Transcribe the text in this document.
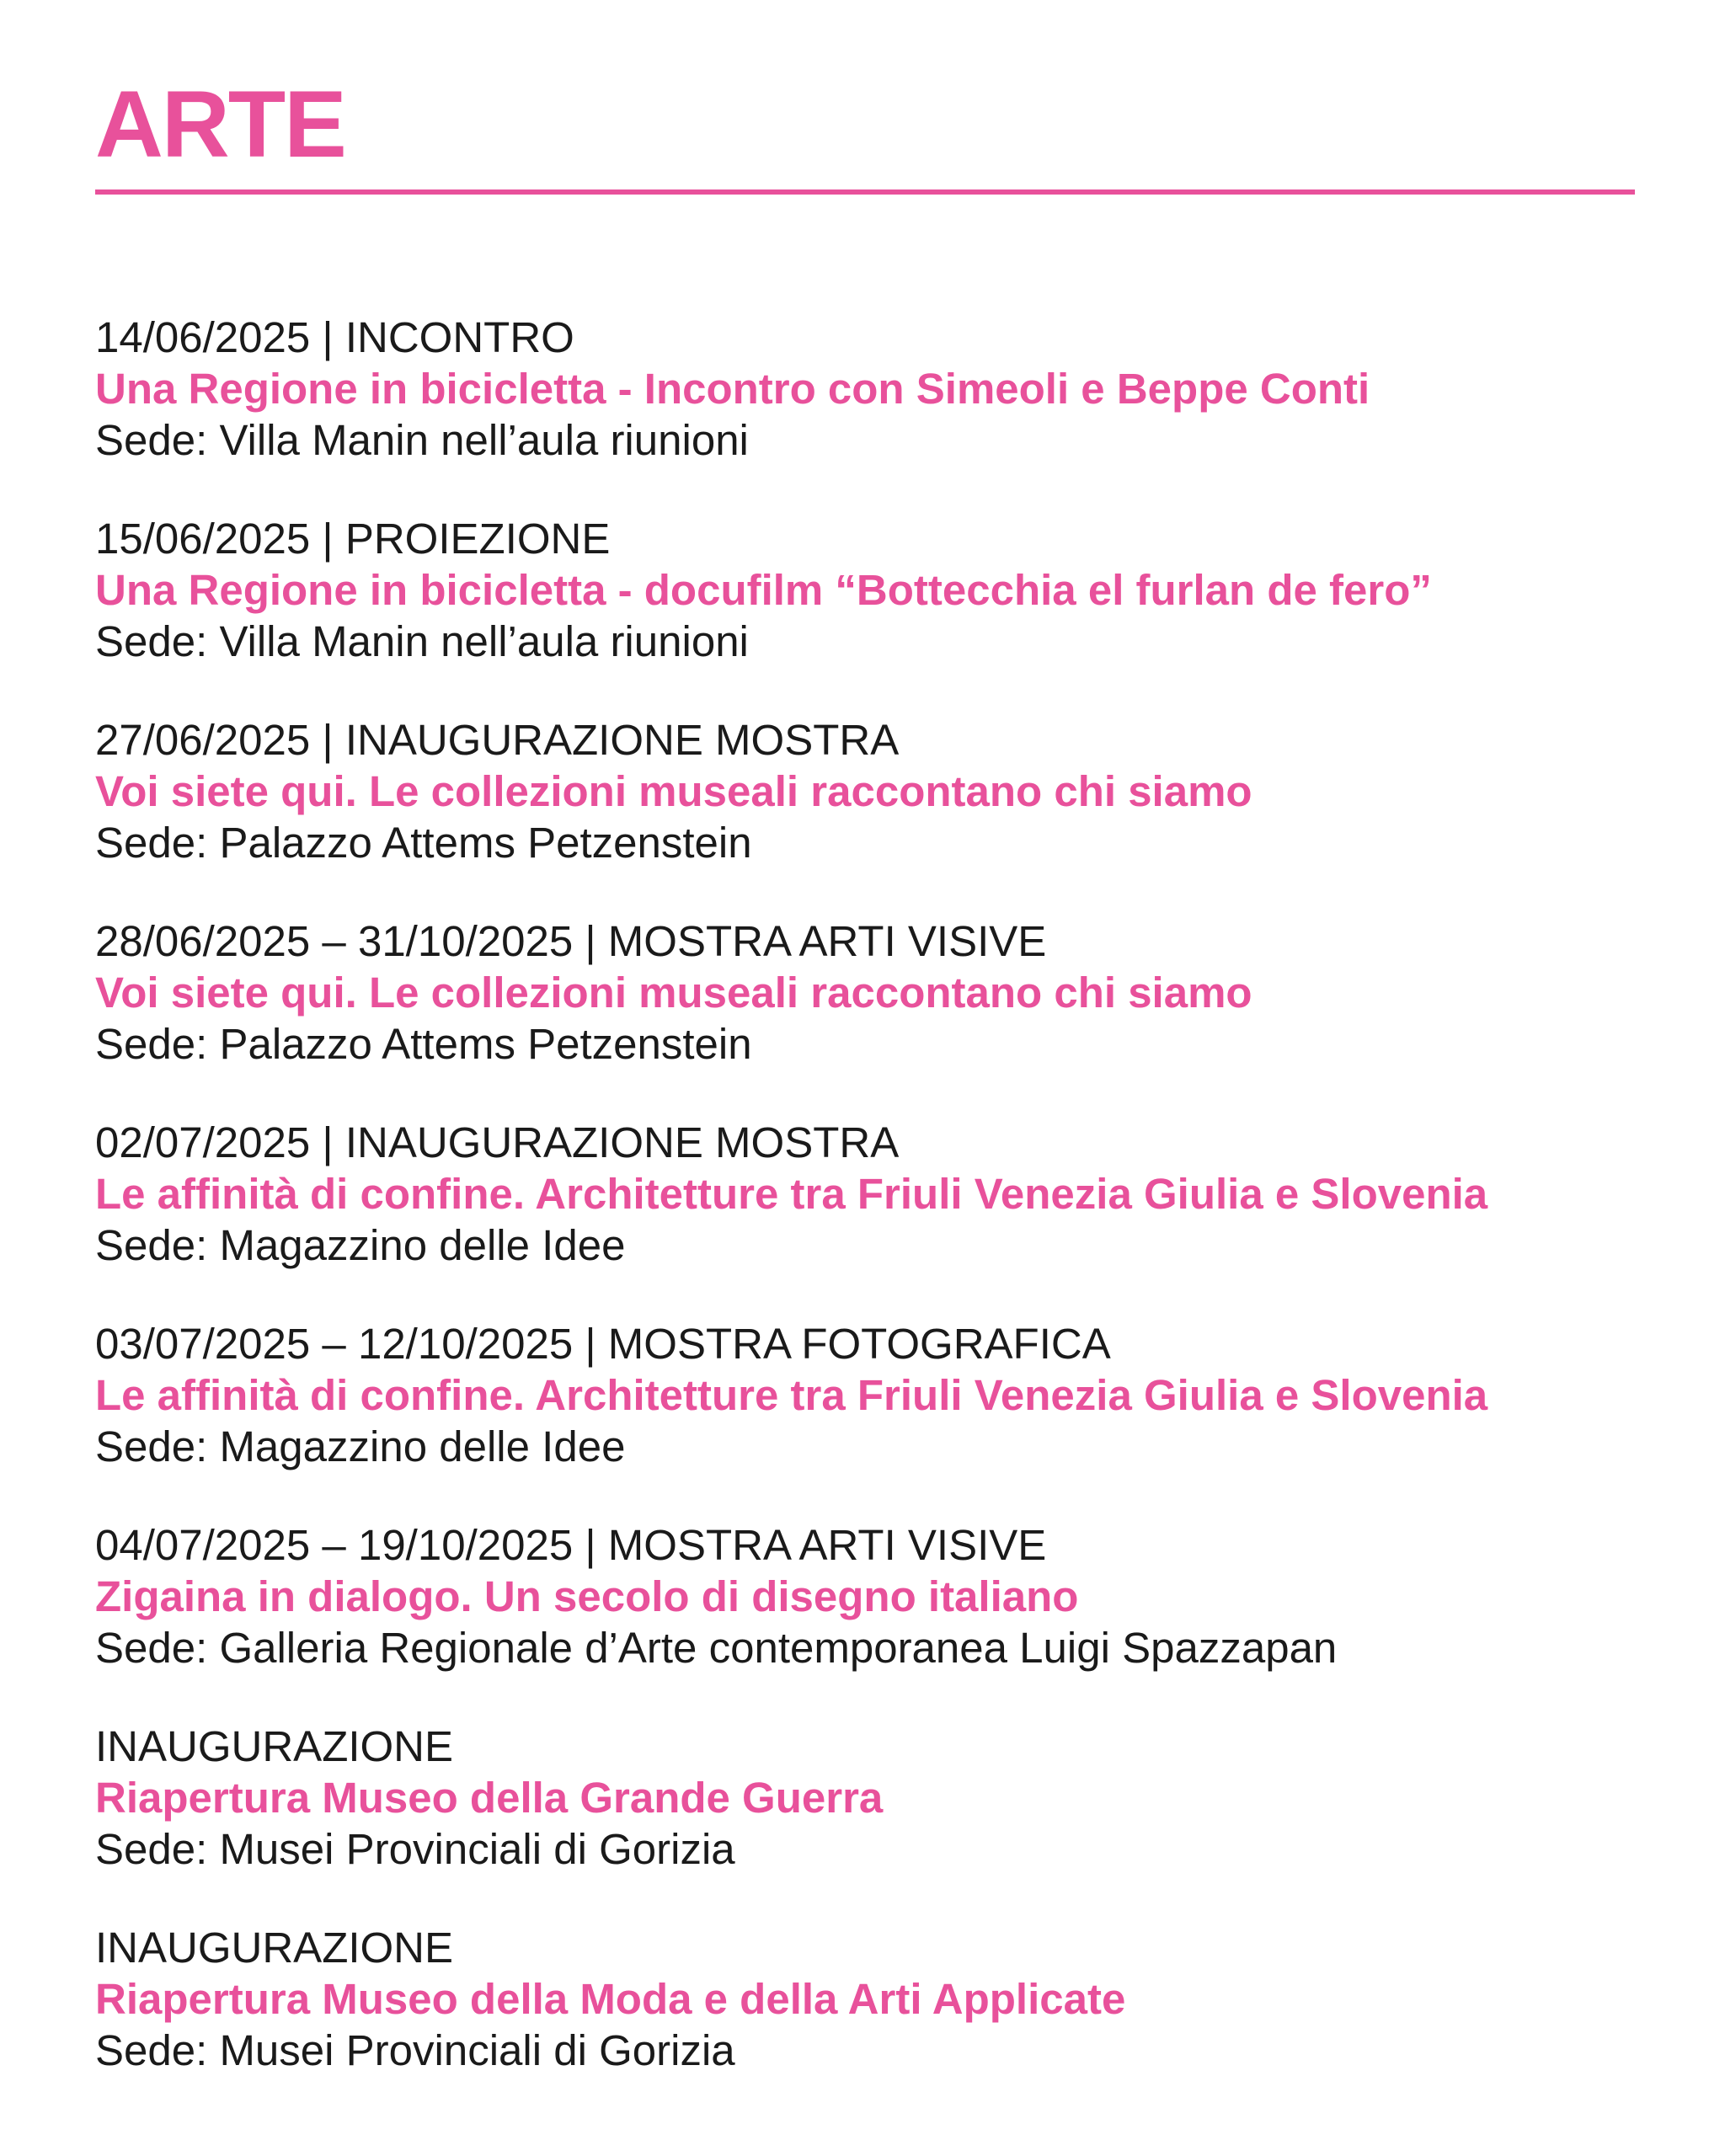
ARTE
14/06/2025 | INCONTRO
Una Regione in bicicletta - Incontro con Simeoli e Beppe Conti
Sede: Villa Manin nell’aula riunioni
15/06/2025 | PROIEZIONE
Una Regione in bicicletta - docufilm “Bottecchia el furlan de fero”
Sede: Villa Manin nell’aula riunioni
27/06/2025 | INAUGURAZIONE MOSTRA
Voi siete qui. Le collezioni museali raccontano chi siamo
Sede: Palazzo Attems Petzenstein
28/06/2025 – 31/10/2025 | MOSTRA ARTI VISIVE
Voi siete qui. Le collezioni museali raccontano chi siamo
Sede: Palazzo Attems Petzenstein
02/07/2025 | INAUGURAZIONE MOSTRA
Le affinità di confine. Architetture tra Friuli Venezia Giulia e Slovenia
Sede: Magazzino delle Idee
03/07/2025 – 12/10/2025 | MOSTRA FOTOGRAFICA
Le affinità di confine. Architetture tra Friuli Venezia Giulia e Slovenia
Sede: Magazzino delle Idee
04/07/2025 – 19/10/2025 | MOSTRA ARTI VISIVE
Zigaina in dialogo. Un secolo di disegno italiano
Sede: Galleria Regionale d’Arte contemporanea Luigi Spazzapan
INAUGURAZIONE
Riapertura Museo della Grande Guerra
Sede: Musei Provinciali di Gorizia
INAUGURAZIONE
Riapertura Museo della Moda e della Arti Applicate
Sede: Musei Provinciali di Gorizia
